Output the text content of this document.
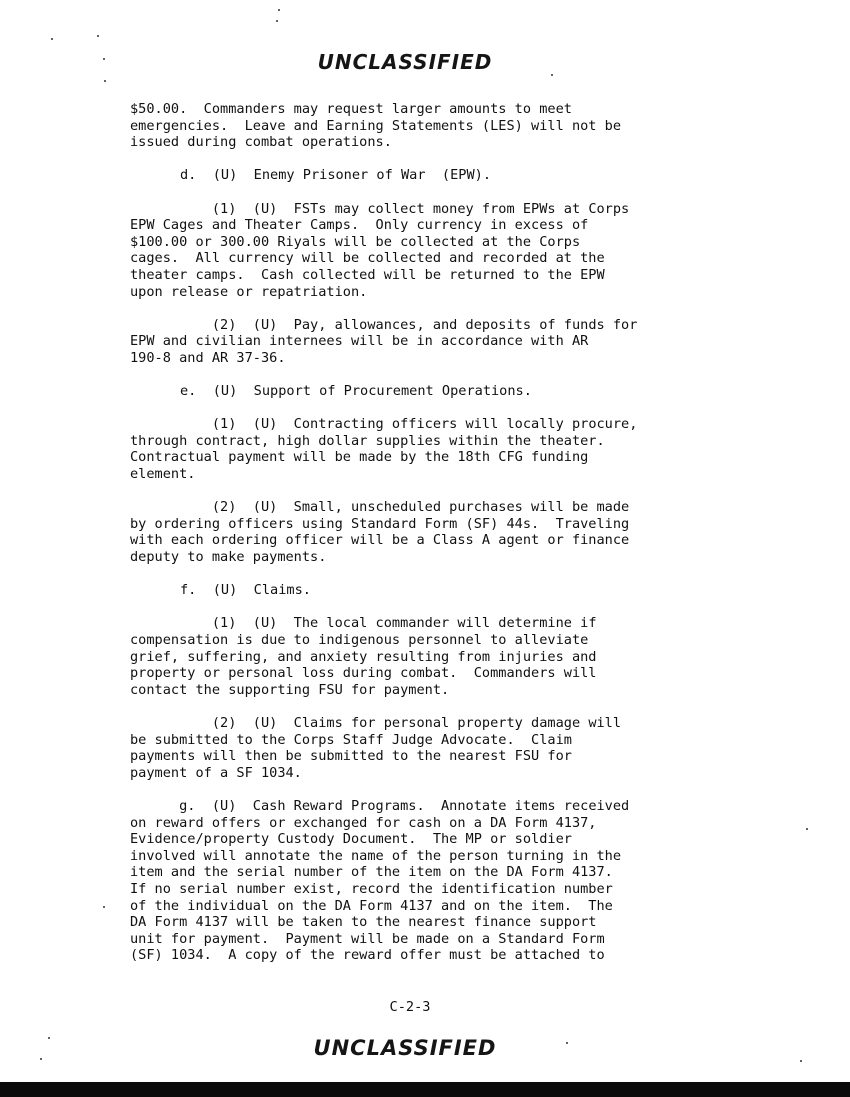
UNCLASSIFIED

$50.00.  Commanders may request larger amounts to meet
emergencies.  Leave and Earning Statements (LES) will not be
issued during combat operations.

d.  (U)  Enemy Prisoner of War  (EPW).

(1)  (U)  FSTs may collect money from EPWs at Corps
EPW Cages and Theater Camps.  Only currency in excess of
$100.00 or 300.00 Riyals will be collected at the Corps
cages.  All currency will be collected and recorded at the
theater camps.  Cash collected will be returned to the EPW
upon release or repatriation.

(2)  (U)  Pay, allowances, and deposits of funds for
EPW and civilian internees will be in accordance with AR
190-8 and AR 37-36.

e.  (U)  Support of Procurement Operations.

(1)  (U)  Contracting officers will locally procure,
through contract, high dollar supplies within the theater.
Contractual payment will be made by the 18th CFG funding
element.

(2)  (U)  Small, unscheduled purchases will be made
by ordering officers using Standard Form (SF) 44s.  Traveling
with each ordering officer will be a Class A agent or finance
deputy to make payments.

f.  (U)  Claims.

(1)  (U)  The local commander will determine if
compensation is due to indigenous personnel to alleviate
grief, suffering, and anxiety resulting from injuries and
property or personal loss during combat.  Commanders will
contact the supporting FSU for payment.

(2)  (U)  Claims for personal property damage will
be submitted to the Corps Staff Judge Advocate.  Claim
payments will then be submitted to the nearest FSU for
payment of a SF 1034.

g.  (U)  Cash Reward Programs.  Annotate items received
on reward offers or exchanged for cash on a DA Form 4137,
Evidence/property Custody Document.  The MP or soldier
involved will annotate the name of the person turning in the
item and the serial number of the item on the DA Form 4137.
If no serial number exist, record the identification number
of the individual on the DA Form 4137 and on the item.  The
DA Form 4137 will be taken to the nearest finance support
unit for payment.  Payment will be made on a Standard Form
(SF) 1034.  A copy of the reward offer must be attached to

C-2-3
UNCLASSIFIED
